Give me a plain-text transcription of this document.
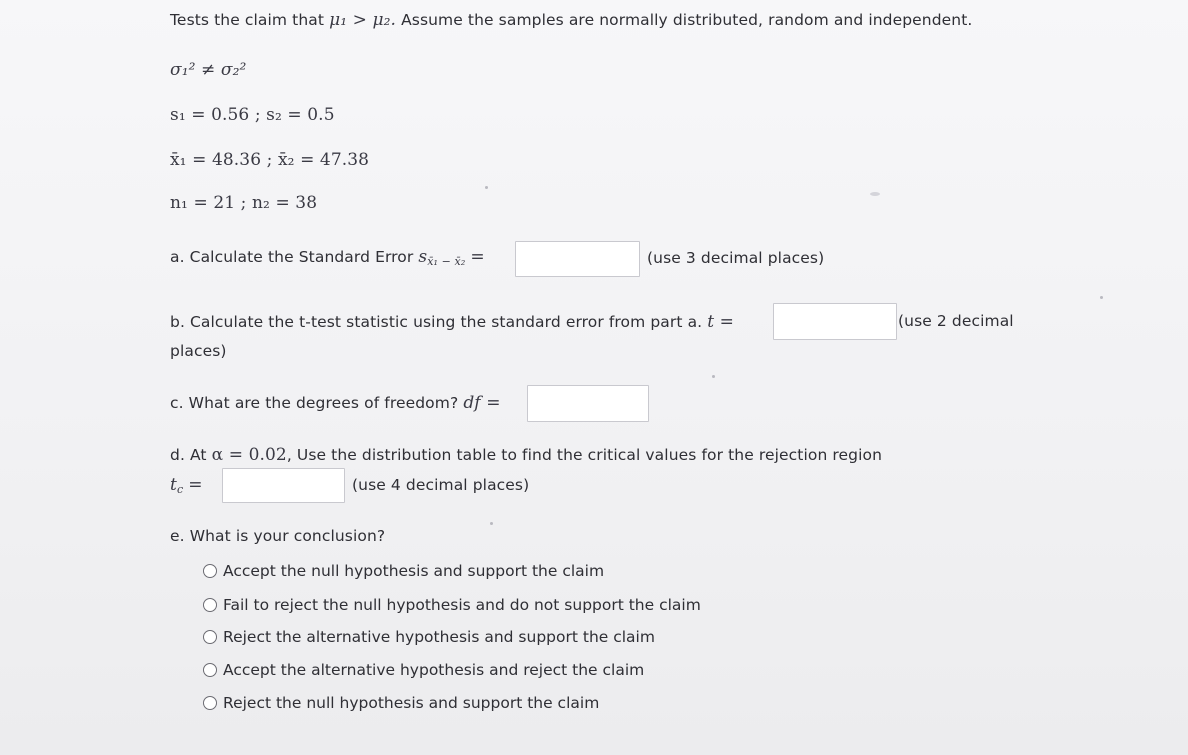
Tests the claim that μ₁ > μ₂. Assume the samples are normally distributed, random and independent.
σ₁² ≠ σ₂²
s₁ = 0.56 ; s₂ = 0.5
x̄₁ = 48.36 ; x̄₂ = 47.38
n₁ = 21 ; n₂ = 38
a. Calculate the Standard Error $s_{x̄_1 - x̄_2}$ =	(use 3 decimal places)
b. Calculate the t-test statistic using the standard error from part a. t =	(use 2 decimal
places)
c. What are the degrees of freedom? df =
d. At α = 0.02, Use the distribution table to find the critical values for the rejection region
$t_c$ =	(use 4 decimal places)
e. What is your conclusion?
Accept the null hypothesis and support the claim
Fail to reject the null hypothesis and do not support the claim
Reject the alternative hypothesis and support the claim
Accept the alternative hypothesis and reject the claim
Reject the null hypothesis and support the claim
